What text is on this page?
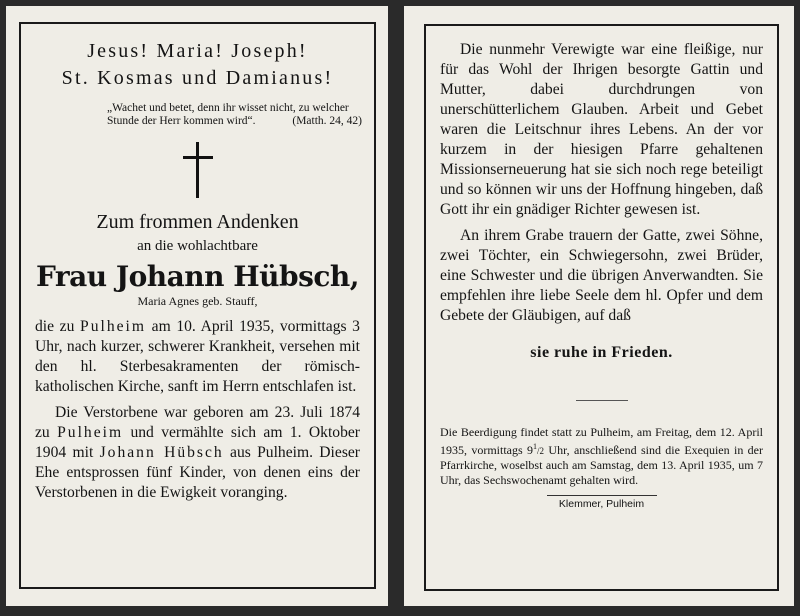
Jesus! Maria! Joseph!

St. Kosmas und Damianus!

„Wachet und betet, denn ihr wisset nicht, zu welcher Stunde der Herr kommen wird“.	(Matth. 24, 42)

Zum frommen Andenken

an die wohlachtbare

Frau Johann Hübsch,

Maria Agnes geb. Stauff,

die zu Pulheim am 10. April 1935, vormittags 3 Uhr, nach kurzer, schwerer Krankheit, versehen mit den hl. Sterbesakramenten der römisch-katholischen Kirche, sanft im Herrn entschlafen ist.

Die Verstorbene war geboren am 23. Juli 1874 zu Pulheim und vermählte sich am 1. Oktober 1904 mit Johann Hübsch aus Pulheim. Dieser Ehe entsprossen fünf Kinder, von denen eins der Verstorbenen in die Ewigkeit voranging.

Die nunmehr Verewigte war eine fleißige, nur für das Wohl der Ihrigen besorgte Gattin und Mutter, dabei durchdrungen von unerschütterlichem Glauben. Arbeit und Gebet waren die Leitschnur ihres Lebens. An der vor kurzem in der hiesigen Pfarre gehaltenen Missionserneuerung hat sie sich noch rege beteiligt und so können wir uns der Hoffnung hingeben, daß Gott ihr ein gnädiger Richter gewesen ist.

An ihrem Grabe trauern der Gatte, zwei Söhne, zwei Töchter, ein Schwiegersohn, zwei Brüder, eine Schwester und die übrigen Anverwandten. Sie empfehlen ihre liebe Seele dem hl. Opfer und dem Gebete der Gläubigen, auf daß

sie ruhe in Frieden.

Die Beerdigung findet statt zu Pulheim, am Freitag, dem 12. April 1935, vormittags $9^1/2$ Uhr, anschließend sind die Exequien in der Pfarrkirche, woselbst auch am Samstag, dem 13. April 1935, um 7 Uhr, das Sechswochenamt gehalten wird.

Klemmer, Pulheim
